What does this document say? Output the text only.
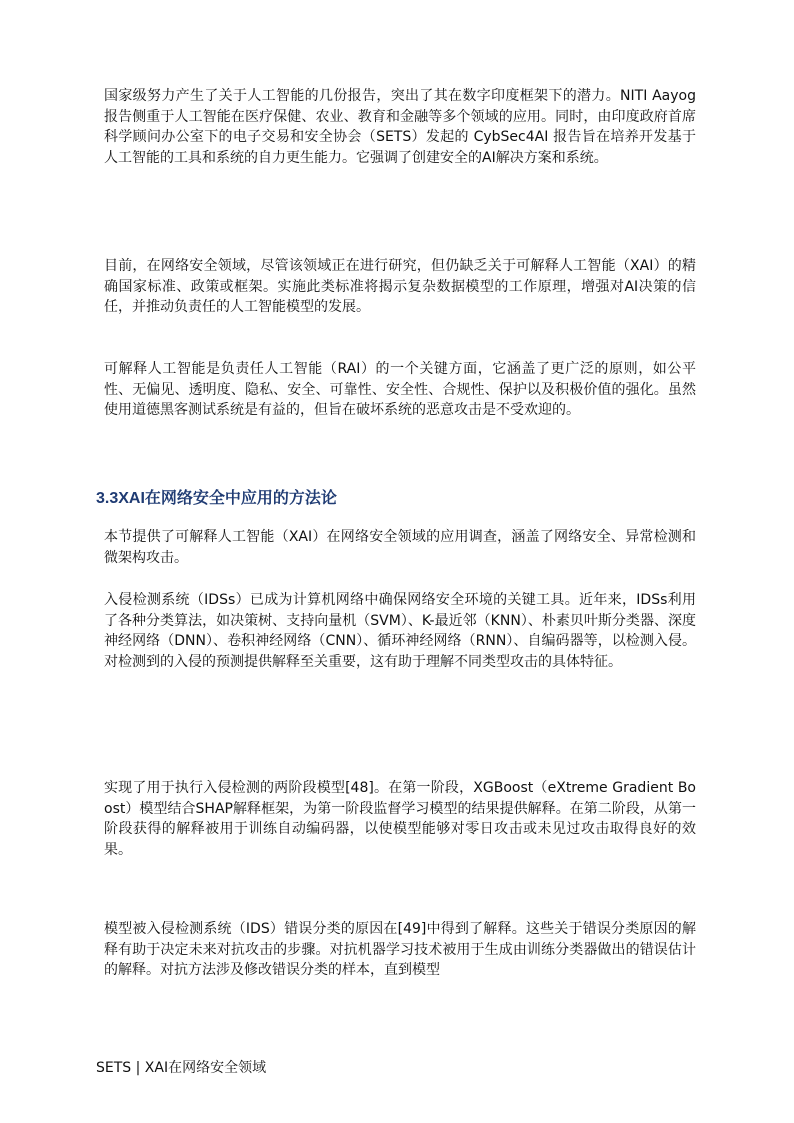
国家级努力产生了关于人工智能的几份报告，突出了其在数字印度框架下的潜力。NITI Aayog 报告侧重于人工智能在医疗保健、农业、教育和金融等多个领域的应用。同时，由印度政府首席科学顾问办公室下的电子交易和安全协会（SETS）发起的 CybSec4AI 报告旨在培养开发基于人工智能的工具和系统的自力更生能力。它强调了创建安全的AI解决方案和系统。

目前，在网络安全领域，尽管该领域正在进行研究，但仍缺乏关于可解释人工智能（XAI）的精确国家标准、政策或框架。实施此类标准将揭示复杂数据模型的工作原理，增强对AI决策的信任，并推动负责任的人工智能模型的发展。

可解释人工智能是负责任人工智能（RAI）的一个关键方面，它涵盖了更广泛的原则，如公平性、无偏见、透明度、隐私、安全、可靠性、安全性、合规性、保护以及积极价值的强化。虽然使用道德黑客测试系统是有益的，但旨在破坏系统的恶意攻击是不受欢迎的。

3.3XAI在网络安全中应用的方法论

本节提供了可解释人工智能（XAI）在网络安全领域的应用调查，涵盖了网络安全、异常检测和微架构攻击。

入侵检测系统（IDSs）已成为计算机网络中确保网络安全环境的关键工具。近年来，IDSs利用了各种分类算法，如决策树、支持向量机（SVM）、K-最近邻（KNN）、朴素贝叶斯分类器、深度神经网络（DNN）、卷积神经网络（CNN）、循环神经网络（RNN）、自编码器等，以检测入侵。对检测到的入侵的预测提供解释至关重要，这有助于理解不同类型攻击的具体特征。

实现了用于执行入侵检测的两阶段模型[48]。在第一阶段，XGBoost（eXtreme Gradient Boost）模型结合SHAP解释框架，为第一阶段监督学习模型的结果提供解释。在第二阶段，从第一阶段获得的解释被用于训练自动编码器，以使模型能够对零日攻击或未见过攻击取得良好的效果。

模型被入侵检测系统（IDS）错误分类的原因在[49]中得到了解释。这些关于错误分类原因的解释有助于决定未来对抗攻击的步骤。对抗机器学习技术被用于生成由训练分类器做出的错误估计的解释。对抗方法涉及修改错误分类的样本，直到模型

SETS | XAI在网络安全领域
